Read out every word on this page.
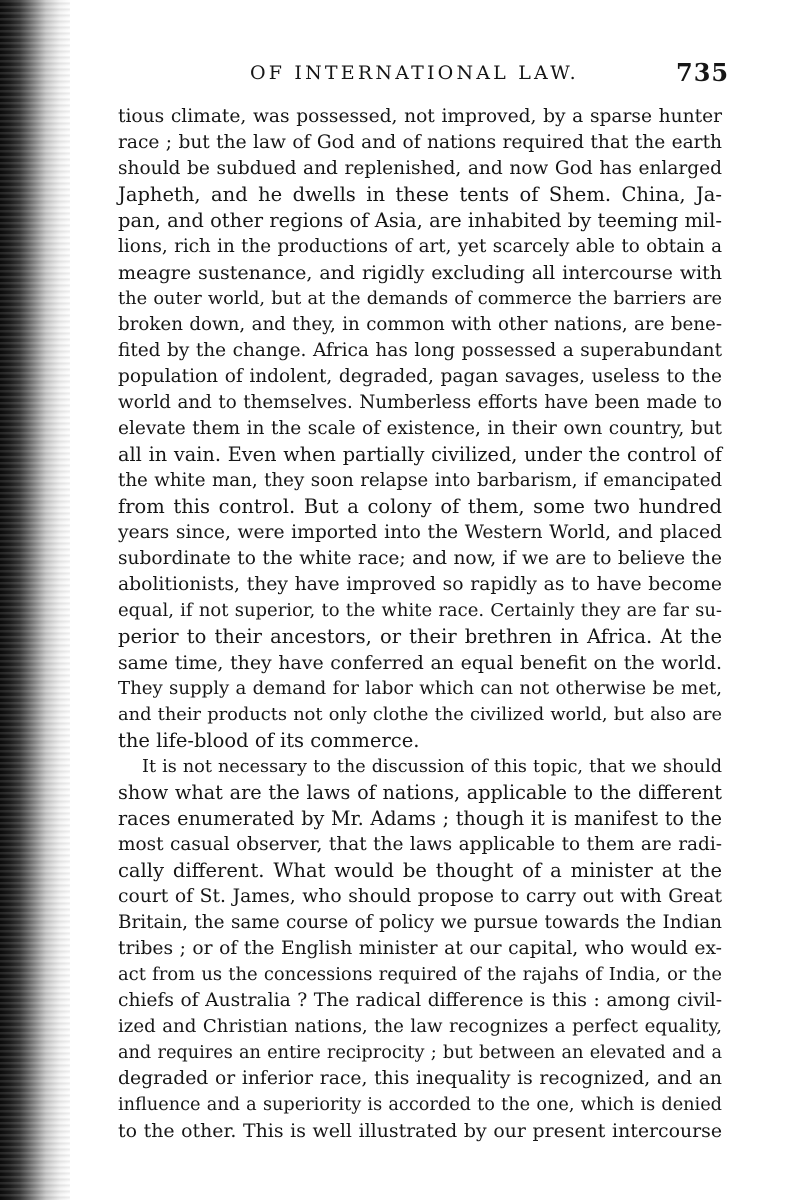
OF INTERNATIONAL LAW.	735
tious climate, was possessed, not improved, by a sparse hunter
race ; but the law of God and of nations required that the earth
should be subdued and replenished, and now God has enlarged
Japheth, and he dwells in these tents of Shem. China, Ja-
pan, and other regions of Asia, are inhabited by teeming mil-
lions, rich in the productions of art, yet scarcely able to obtain a
meagre sustenance, and rigidly excluding all intercourse with
the outer world, but at the demands of commerce the barriers are
broken down, and they, in common with other nations, are bene-
fited by the change. Africa has long possessed a superabundant
population of indolent, degraded, pagan savages, useless to the
world and to themselves. Numberless efforts have been made to
elevate them in the scale of existence, in their own country, but
all in vain. Even when partially civilized, under the control of
the white man, they soon relapse into barbarism, if emancipated
from this control. But a colony of them, some two hundred
years since, were imported into the Western World, and placed
subordinate to the white race; and now, if we are to believe the
abolitionists, they have improved so rapidly as to have become
equal, if not superior, to the white race. Certainly they are far su-
perior to their ancestors, or their brethren in Africa. At the
same time, they have conferred an equal benefit on the world.
They supply a demand for labor which can not otherwise be met,
and their products not only clothe the civilized world, but also are
the life-blood of its commerce.
It is not necessary to the discussion of this topic, that we should
show what are the laws of nations, applicable to the different
races enumerated by Mr. Adams ; though it is manifest to the
most casual observer, that the laws applicable to them are radi-
cally different. What would be thought of a minister at the
court of St. James, who should propose to carry out with Great
Britain, the same course of policy we pursue towards the Indian
tribes ; or of the English minister at our capital, who would ex-
act from us the concessions required of the rajahs of India, or the
chiefs of Australia ? The radical difference is this : among civil-
ized and Christian nations, the law recognizes a perfect equality,
and requires an entire reciprocity ; but between an elevated and a
degraded or inferior race, this inequality is recognized, and an
influence and a superiority is accorded to the one, which is denied
to the other. This is well illustrated by our present intercourse
